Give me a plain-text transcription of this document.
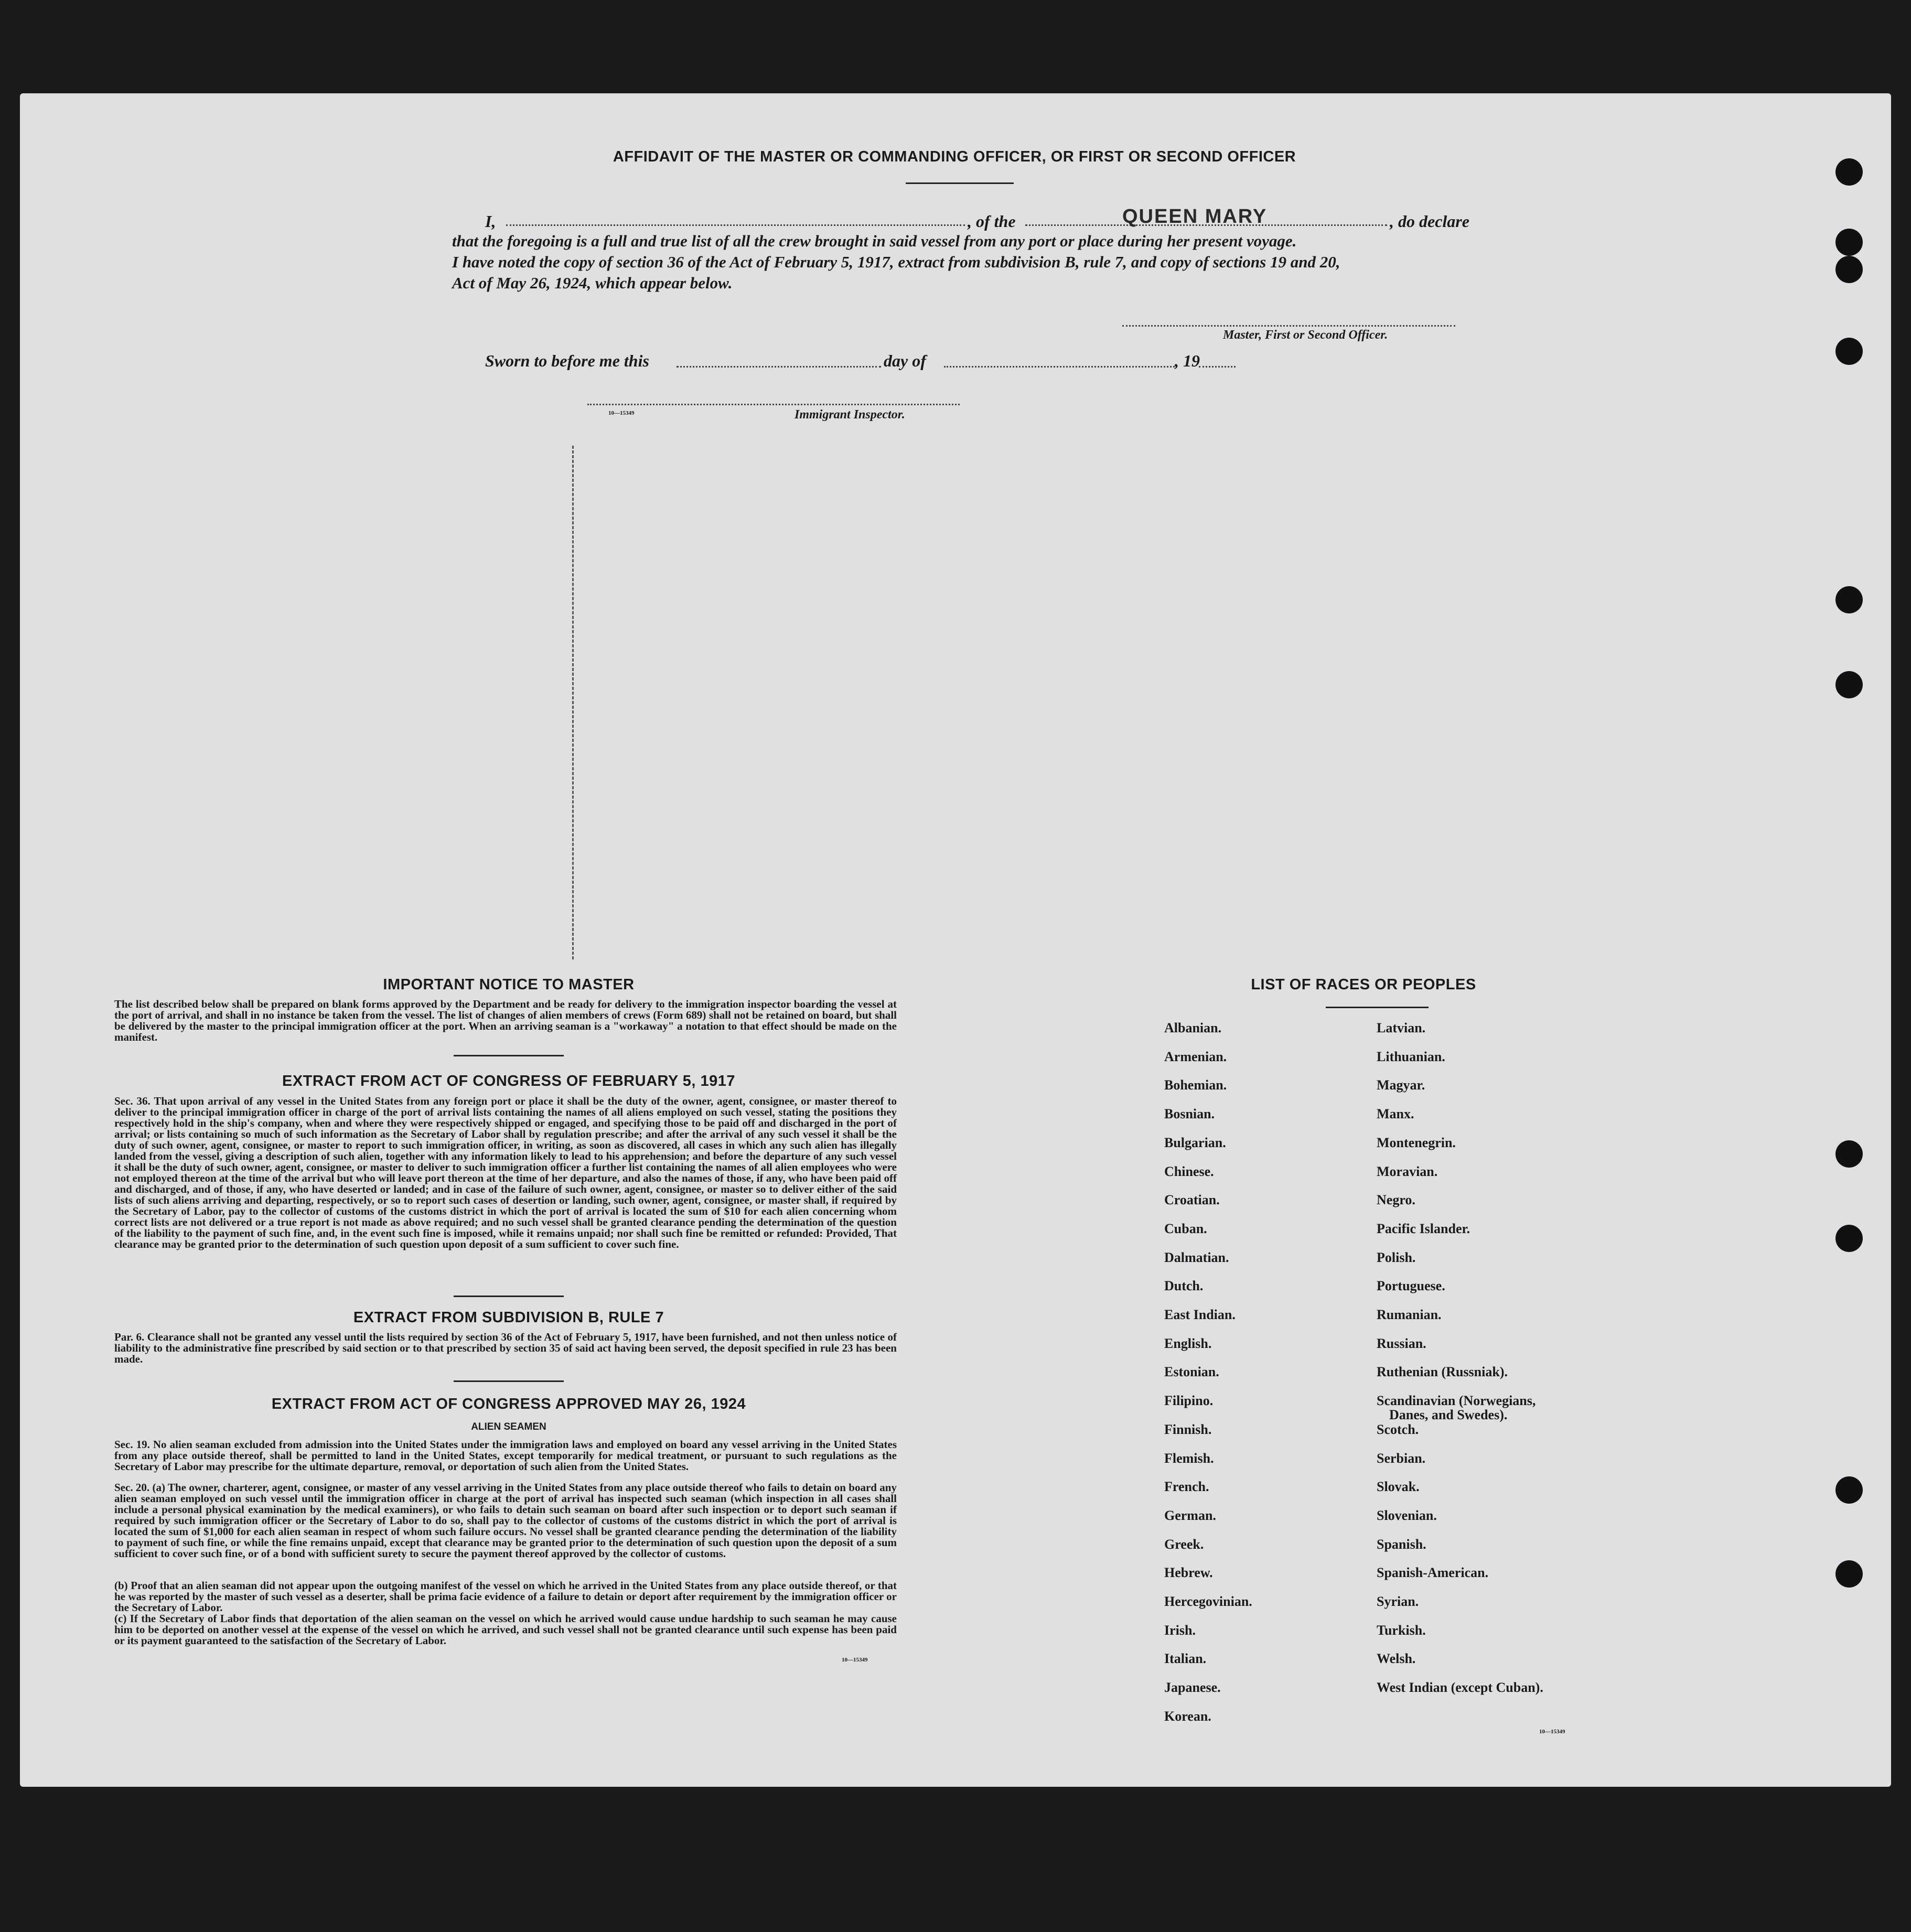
AFFIDAVIT OF THE MASTER OR COMMANDING OFFICER, OR FIRST OR SECOND OFFICER
I,	, of the	QUEEN MARY	, do declare
that the foregoing is a full and true list of all the crew brought in said vessel from any port or place during her present voyage.
I have noted the copy of section 36 of the Act of February 5, 1917, extract from subdivision B, rule 7, and copy of sections 19 and 20,
Act of May 26, 1924, which appear below.
Master, First or Second Officer.
Sworn to before me this	day of	, 19
10—15349	Immigrant Inspector.
IMPORTANT NOTICE TO MASTER
The list described below shall be prepared on blank forms approved by the Department and be ready for delivery to the immigration inspector boarding the vessel at the port of arrival, and shall in no instance be taken from the vessel. The list of changes of alien members of crews (Form 689) shall not be retained on board, but shall be delivered by the master to the principal immigration officer at the port. When an arriving seaman is a "workaway" a notation to that effect should be made on the manifest.
EXTRACT FROM ACT OF CONGRESS OF FEBRUARY 5, 1917
Sec. 36. That upon arrival of any vessel in the United States from any foreign port or place it shall be the duty of the owner, agent, consignee, or master thereof to deliver to the principal immigration officer in charge of the port of arrival lists containing the names of all aliens employed on such vessel, stating the positions they respectively hold in the ship's company, when and where they were respectively shipped or engaged, and specifying those to be paid off and discharged in the port of arrival; or lists containing so much of such information as the Secretary of Labor shall by regulation prescribe; and after the arrival of any such vessel it shall be the duty of such owner, agent, consignee, or master to report to such immigration officer, in writing, as soon as discovered, all cases in which any such alien has illegally landed from the vessel, giving a description of such alien, together with any information likely to lead to his apprehension; and before the departure of any such vessel it shall be the duty of such owner, agent, consignee, or master to deliver to such immigration officer a further list containing the names of all alien employees who were not employed thereon at the time of the arrival but who will leave port thereon at the time of her departure, and also the names of those, if any, who have been paid off and discharged, and of those, if any, who have deserted or landed; and in case of the failure of such owner, agent, consignee, or master so to deliver either of the said lists of such aliens arriving and departing, respectively, or so to report such cases of desertion or landing, such owner, agent, consignee, or master shall, if required by the Secretary of Labor, pay to the collector of customs of the customs district in which the port of arrival is located the sum of $10 for each alien concerning whom correct lists are not delivered or a true report is not made as above required; and no such vessel shall be granted clearance pending the determination of the question of the liability to the payment of such fine, and, in the event such fine is imposed, while it remains unpaid; nor shall such fine be remitted or refunded: Provided, That clearance may be granted prior to the determination of such question upon deposit of a sum sufficient to cover such fine.
EXTRACT FROM SUBDIVISION B, RULE 7
Par. 6. Clearance shall not be granted any vessel until the lists required by section 36 of the Act of February 5, 1917, have been furnished, and not then unless notice of liability to the administrative fine prescribed by said section or to that prescribed by section 35 of said act having been served, the deposit specified in rule 23 has been made.
EXTRACT FROM ACT OF CONGRESS APPROVED MAY 26, 1924
ALIEN SEAMEN
Sec. 19. No alien seaman excluded from admission into the United States under the immigration laws and employed on board any vessel arriving in the United States from any place outside thereof, shall be permitted to land in the United States, except temporarily for medical treatment, or pursuant to such regulations as the Secretary of Labor may prescribe for the ultimate departure, removal, or deportation of such alien from the United States.
Sec. 20. (a) The owner, charterer, agent, consignee, or master of any vessel arriving in the United States from any place outside thereof who fails to detain on board any alien seaman employed on such vessel until the immigration officer in charge at the port of arrival has inspected such seaman (which inspection in all cases shall include a personal physical examination by the medical examiners), or who fails to detain such seaman on board after such inspection or to deport such seaman if required by such immigration officer or the Secretary of Labor to do so, shall pay to the collector of customs of the customs district in which the port of arrival is located the sum of $1,000 for each alien seaman in respect of whom such failure occurs. No vessel shall be granted clearance pending the determination of the liability to payment of such fine, or while the fine remains unpaid, except that clearance may be granted prior to the determination of such question upon the deposit of a sum sufficient to cover such fine, or of a bond with sufficient surety to secure the payment thereof approved by the collector of customs.
(b) Proof that an alien seaman did not appear upon the outgoing manifest of the vessel on which he arrived in the United States from any place outside thereof, or that he was reported by the master of such vessel as a deserter, shall be prima facie evidence of a failure to detain or deport after requirement by the immigration officer or the Secretary of Labor.
(c) If the Secretary of Labor finds that deportation of the alien seaman on the vessel on which he arrived would cause undue hardship to such seaman he may cause him to be deported on another vessel at the expense of the vessel on which he arrived, and such vessel shall not be granted clearance until such expense has been paid or its payment guaranteed to the satisfaction of the Secretary of Labor.
10—15349
LIST OF RACES OR PEOPLES
Albanian.
Armenian.
Bohemian.
Bosnian.
Bulgarian.
Chinese.
Croatian.
Cuban.
Dalmatian.
Dutch.
East Indian.
English.
Estonian.
Filipino.
Finnish.
Flemish.
French.
German.
Greek.
Hebrew.
Hercegovinian.
Irish.
Italian.
Japanese.
Korean.
Latvian.
Lithuanian.
Magyar.
Manx.
Montenegrin.
Moravian.
Negro.
Pacific Islander.
Polish.
Portuguese.
Rumanian.
Russian.
Ruthenian (Russniak).
Scandinavian (Norwegians,
Danes, and Swedes).
Scotch.
Serbian.
Slovak.
Slovenian.
Spanish.
Spanish-American.
Syrian.
Turkish.
Welsh.
West Indian (except Cuban).
10—15349
